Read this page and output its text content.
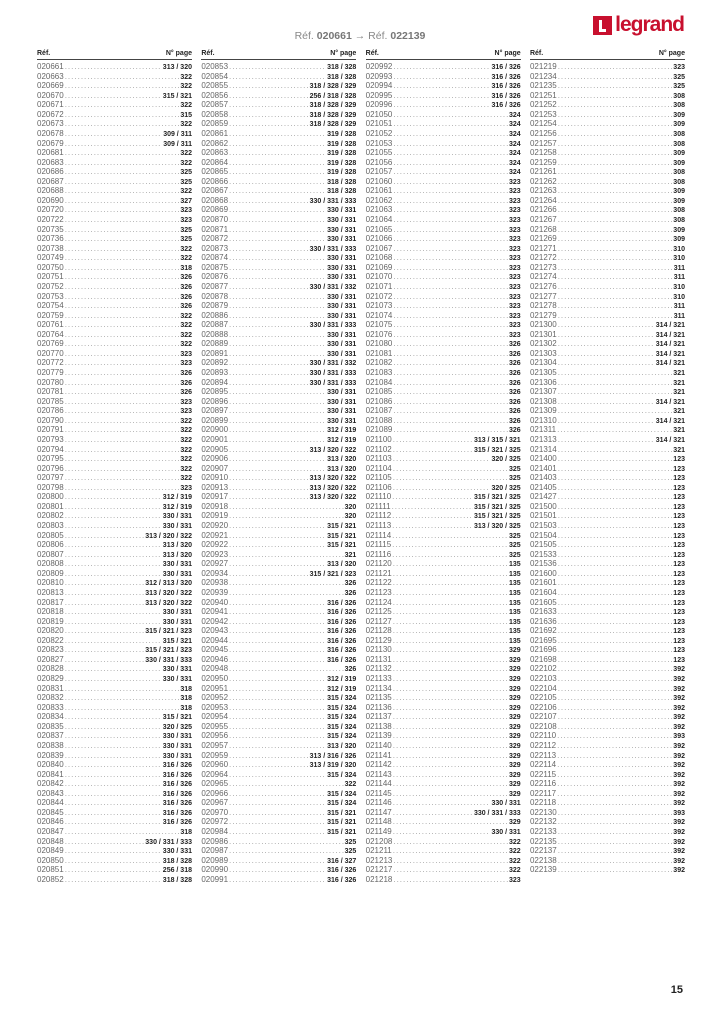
Réf. 020661 → Réf. 022139	legrand
Réf.	N° page
020661 .....	313 / 320
020663 .....	322
020669 .....	322
020670 .....	315 / 321
020671 .....	322
020672 .....	315
020673 .....	322
020678 .....	309 / 311
020679 .....	309 / 311
020681 .....	322
020683 .....	322
020686 .....	325
020687 .....	325
020688 .....	322
020690 .....	327
020720 .....	323
020722 .....	323
020735 .....	325
020736 .....	325
020738 .....	322
020749 .....	322
020750 .....	318
020751 .....	326
020752 .....	326
020753 .....	326
020754 .....	326
020759 .....	322
020761 .....	322
020764 .....	322
020769 .....	322
020770 .....	323
020772 .....	323
020779 .....	326
020780 .....	326
020781 .....	326
020785 .....	323
020786 .....	323
020790 .....	322
020791 .....	322
020793 .....	322
020794 .....	322
020795 .....	322
020796 .....	322
020797 .....	322
020798 .....	323
020800 .....	312 / 319
020801 .....	312 / 319
020802 .....	330 / 331
020803 .....	330 / 331
020805 .....	313 / 320 / 322
020806 .....	313 / 320
020807 .....	313 / 320
020808 .....	330 / 331
020809 .....	330 / 331
020810 .....	312 / 313 / 320
020813 .....	313 / 320 / 322
020817 .....	313 / 320 / 322
020818 .....	330 / 331
020819 .....	330 / 331
020820 .....	315 / 321 / 323
020822 .....	315 / 321
020823 .....	315 / 321 / 323
020827 .....	330 / 331 / 333
020828 .....	330 / 331
020829 .....	330 / 331
020831 .....	318
020832 .....	318
020833 .....	318
020834 .....	315 / 321
020835 .....	320 / 325
020837 .....	330 / 331
020838 .....	330 / 331
020839 .....	330 / 331
020840 .....	316 / 326
020841 .....	316 / 326
020842 .....	316 / 326
020843 .....	316 / 326
020844 .....	316 / 326
020845 .....	316 / 326
020846 .....	316 / 326
020847 .....	318
020848 .....	330 / 331 / 333
020849 .....	330 / 331
020850 .....	318 / 328
020851 .....	256 / 318
020852 .....	318 / 328
Réf.	N° page
020853 .....	318 / 328
020854 .....	318 / 328
020855 .....	318 / 328 / 329
020856 .....	256 / 318 / 328
020857 .....	318 / 328 / 329
020858 .....	318 / 328 / 329
020859 .....	318 / 328 / 329
020861 .....	319 / 328
020862 .....	319 / 328
020863 .....	319 / 328
020864 .....	319 / 328
020865 .....	319 / 328
020866 .....	318 / 328
020867 .....	318 / 328
020868 .....	330 / 331 / 333
020869 .....	330 / 331
020870 .....	330 / 331
020871 .....	330 / 331
020872 .....	330 / 331
020873 .....	330 / 331 / 333
020874 .....	330 / 331
020875 .....	330 / 331
020876 .....	330 / 331
020877 .....	330 / 331 / 332
020878 .....	330 / 331
020879 .....	330 / 331
020886 .....	330 / 331
020887 .....	330 / 331 / 333
020888 .....	330 / 331
020889 .....	330 / 331
020891 .....	330 / 331
020892 .....	330 / 331 / 332
020893 .....	330 / 331 / 333
020894 .....	330 / 331 / 333
020895 .....	330 / 331
020896 .....	330 / 331
020897 .....	330 / 331
020899 .....	330 / 331
020900 .....	312 / 319
020901 .....	312 / 319
020905 .....	313 / 320 / 322
020906 .....	313 / 320
020907 .....	313 / 320
020910 .....	313 / 320 / 322
020913 .....	313 / 320 / 322
020917 .....	313 / 320 / 322
020918 .....	320
020919 .....	320
020920 .....	315 / 321
020921 .....	315 / 321
020922 .....	315 / 321
020923 .....	321
020927 .....	313 / 320
020934 .....	315 / 321 / 323
020938 .....	326
020939 .....	326
020940 .....	316 / 326
020941 .....	316 / 326
020942 .....	316 / 326
020943 .....	316 / 326
020944 .....	316 / 326
020945 .....	316 / 326
020946 .....	316 / 326
020948 .....	326
020950 .....	312 / 319
020951 .....	312 / 319
020952 .....	315 / 324
020953 .....	315 / 324
020954 .....	315 / 324
020955 .....	315 / 324
020956 .....	315 / 324
020957 .....	313 / 320
020959 .....	313 / 316 / 326
020960 .....	313 / 319 / 320
020964 .....	315 / 324
020965 .....	322
020966 .....	315 / 324
020967 .....	315 / 324
020970 .....	315 / 321
020972 .....	315 / 321
020984 .....	315 / 321
020986 .....	325
020987 .....	325
020989 .....	316 / 327
020990 .....	316 / 326
020991 .....	316 / 326
Réf.	N° page
020992 .....	316 / 326
020993 .....	316 / 326
020994 .....	316 / 326
020995 .....	316 / 326
020996 .....	316 / 326
021050 .....	324
021051 .....	324
021052 .....	324
021053 .....	324
021055 .....	324
021056 .....	324
021057 .....	324
021060 .....	323
021061 .....	323
021062 .....	323
021063 .....	323
021064 .....	323
021065 .....	323
021066 .....	323
021067 .....	323
021068 .....	323
021069 .....	323
021070 .....	323
021071 .....	323
021072 .....	323
021073 .....	323
021074 .....	323
021075 .....	323
021076 .....	323
021080 .....	326
021081 .....	326
021082 .....	326
021083 .....	326
021084 .....	326
021085 .....	326
021086 .....	326
021087 .....	326
021088 .....	326
021089 .....	326
021100 .....	313 / 315 / 321
021102 .....	315 / 321 / 325
021103 .....	320 / 325
021104 .....	325
021105 .....	325
021106 .....	320 / 325
021110 .....	315 / 321 / 325
021111 .....	315 / 321 / 325
021112 .....	315 / 321 / 325
021113 .....	313 / 320 / 325
021114 .....	325
021115 .....	325
021116 .....	325
021120 .....	135
021121 .....	135
021122 .....	135
021123 .....	135
021124 .....	135
021125 .....	135
021127 .....	135
021128 .....	135
021129 .....	135
021130 .....	329
021131 .....	329
021132 .....	329
021133 .....	329
021134 .....	329
021135 .....	329
021136 .....	329
021137 .....	329
021138 .....	329
021139 .....	329
021140 .....	329
021141 .....	329
021142 .....	329
021143 .....	329
021144 .....	329
021145 .....	329
021146 .....	330 / 331
021147 .....	330 / 331 / 333
021148 .....	329
021149 .....	330 / 331
021208 .....	322
021211 .....	322
021213 .....	322
021217 .....	322
021218 .....	323
Réf.	N° page
021219 .....	323
021234 .....	325
021235 .....	325
021251 .....	308
021252 .....	308
021253 .....	309
021254 .....	309
021256 .....	308
021257 .....	308
021258 .....	309
021259 .....	309
021261 .....	308
021262 .....	308
021263 .....	309
021264 .....	309
021266 .....	308
021267 .....	308
021268 .....	309
021269 .....	309
021271 .....	310
021272 .....	310
021273 .....	311
021274 .....	311
021276 .....	310
021277 .....	310
021278 .....	311
021279 .....	311
021300 .....	314 / 321
021301 .....	314 / 321
021302 .....	314 / 321
021303 .....	314 / 321
021304 .....	314 / 321
021305 .....	321
021306 .....	321
021307 .....	321
021308 .....	314 / 321
021309 .....	321
021310 .....	314 / 321
021311 .....	321
021313 .....	314 / 321
021314 .....	321
021400 .....	123
021401 .....	123
021403 .....	123
021405 .....	123
021427 .....	123
021500 .....	123
021501 .....	123
021503 .....	123
021504 .....	123
021505 .....	123
021533 .....	123
021536 .....	123
021600 .....	123
021601 .....	123
021604 .....	123
021605 .....	123
021633 .....	123
021636 .....	123
021692 .....	123
021695 .....	123
021696 .....	123
021698 .....	123
022102 .....	392
022103 .....	392
022104 .....	392
022105 .....	392
022106 .....	392
022107 .....	392
022108 .....	392
022110 .....	393
022112 .....	392
022113 .....	392
022114 .....	392
022115 .....	392
022116 .....	392
022117 .....	392
022118 .....	392
022130 .....	393
022132 .....	392
022133 .....	392
022135 .....	392
022137 .....	392
022138 .....	392
022139 .....	392
15
